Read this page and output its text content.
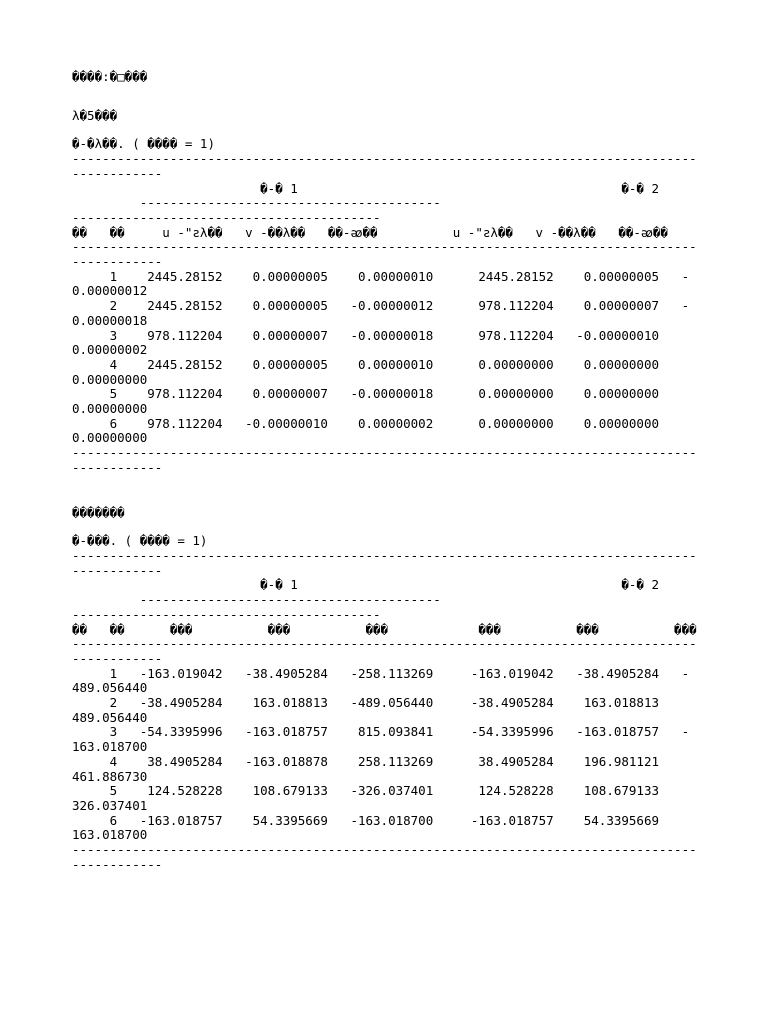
����:�□���
λ�5���
�-�λ��. ( ���� = 1)
-----------------------------------------------------------------------------------
------------
�-� 1                                           �-� 2
----------------------------------------
-----------------------------------------
��   ��     u -"ƨλ��   v -��λ��   ��-ꭁ��          u -"ƨλ��   v -��λ��   ��-ꭁ��
-----------------------------------------------------------------------------------
------------
1    2445.28152    0.00000005    0.00000010      2445.28152    0.00000005   -
0.00000012
2    2445.28152    0.00000005   -0.00000012      978.112204    0.00000007   -
0.00000018
3    978.112204    0.00000007   -0.00000018      978.112204   -0.00000010
0.00000002
4    2445.28152    0.00000005    0.00000010      0.00000000    0.00000000
0.00000000
5    978.112204    0.00000007   -0.00000018      0.00000000    0.00000000
0.00000000
6    978.112204   -0.00000010    0.00000002      0.00000000    0.00000000
0.00000000
-----------------------------------------------------------------------------------
------------
�������
�-���. ( ���� = 1)
-----------------------------------------------------------------------------------
------------
�-� 1                                           �-� 2
----------------------------------------
-----------------------------------------
��   ��      ���          ���          ���            ���          ���          ���
-----------------------------------------------------------------------------------
------------
1   -163.019042   -38.4905284   -258.113269     -163.019042   -38.4905284   -
489.056440
2   -38.4905284    163.018813   -489.056440     -38.4905284    163.018813
489.056440
3   -54.3395996   -163.018757    815.093841     -54.3395996   -163.018757   -
163.018700
4    38.4905284   -163.018878    258.113269      38.4905284    196.981121
461.886730
5    124.528228    108.679133   -326.037401      124.528228    108.679133
326.037401
6   -163.018757    54.3395669   -163.018700     -163.018757    54.3395669
163.018700
-----------------------------------------------------------------------------------
------------
